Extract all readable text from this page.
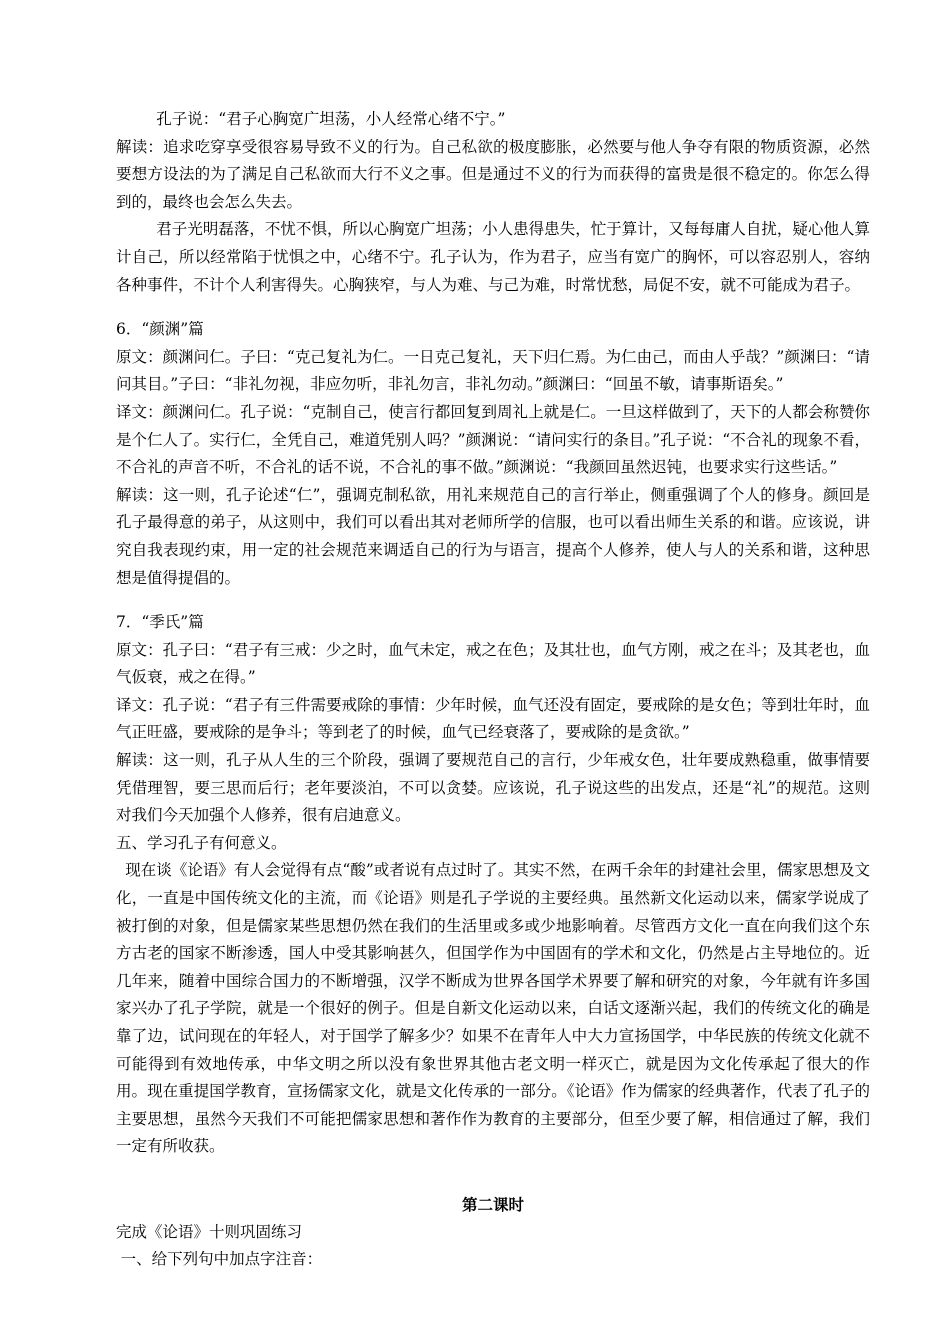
孔子说：“君子心胸宽广坦荡，小人经常心绪不宁。”

解读：追求吃穿享受很容易导致不义的行为。自己私欲的极度膨胀，必然要与他人争夺有限的物质资源，必然要想方设法的为了满足自己私欲而大行不义之事。但是通过不义的行为而获得的富贵是很不稳定的。你怎么得到的，最终也会怎么失去。

君子光明磊落，不忧不惧，所以心胸宽广坦荡；小人患得患失，忙于算计，又每每庸人自扰，疑心他人算计自己，所以经常陷于忧惧之中，心绪不宁。孔子认为，作为君子，应当有宽广的胸怀，可以容忍别人，容纳各种事件，不计个人利害得失。心胸狭窄，与人为难、与己为难，时常忧愁，局促不安，就不可能成为君子。

6．“颜渊”篇

原文：颜渊问仁。子曰：“克己复礼为仁。一日克己复礼，天下归仁焉。为仁由己，而由人乎哉？”颜渊曰：“请问其目。”子曰：“非礼勿视，非应勿听，非礼勿言，非礼勿动。”颜渊曰：“回虽不敏，请事斯语矣。”

译文：颜渊问仁。孔子说：“克制自己，使言行都回复到周礼上就是仁。一旦这样做到了，天下的人都会称赞你是个仁人了。实行仁，全凭自己，难道凭别人吗？”颜渊说：“请问实行的条目。”孔子说：“不合礼的现象不看，不合礼的声音不听，不合礼的话不说，不合礼的事不做。”颜渊说：“我颜回虽然迟钝，也要求实行这些话。”

解读：这一则，孔子论述“仁”，强调克制私欲，用礼来规范自己的言行举止，侧重强调了个人的修身。颜回是孔子最得意的弟子，从这则中，我们可以看出其对老师所学的信服，也可以看出师生关系的和谐。应该说，讲究自我表现约束，用一定的社会规范来调适自己的行为与语言，提高个人修养，使人与人的关系和谐，这种思想是值得提倡的。

7．“季氏”篇

原文：孔子曰：“君子有三戒：少之时，血气未定，戒之在色；及其壮也，血气方刚，戒之在斗；及其老也，血气仮衰，戒之在得。”

译文：孔子说：“君子有三件需要戒除的事情：少年时候，血气还没有固定，要戒除的是女色；等到壮年时，血气正旺盛，要戒除的是争斗；等到老了的时候，血气已经衰落了，要戒除的是贪欲。”

解读：这一则，孔子从人生的三个阶段，强调了要规范自己的言行，少年戒女色，壮年要成熟稳重，做事情要凭借理智，要三思而后行；老年要淡泊，不可以贪婪。应该说，孔子说这些的出发点，还是“礼”的规范。这则对我们今天加强个人修养，很有启迪意义。

五、学习孔子有何意义。

现在谈《论语》有人会觉得有点“酸”或者说有点过时了。其实不然，在两千余年的封建社会里，儒家思想及文化，一直是中国传统文化的主流，而《论语》则是孔子学说的主要经典。虽然新文化运动以来，儒家学说成了被打倒的对象，但是儒家某些思想仍然在我们的生活里或多或少地影响着。尽管西方文化一直在向我们这个东方古老的国家不断渗透，国人中受其影响甚久，但国学作为中国固有的学术和文化，仍然是占主导地位的。近几年来，随着中国综合国力的不断增强，汉学不断成为世界各国学术界要了解和研究的对象，今年就有许多国家兴办了孔子学院，就是一个很好的例子。但是自新文化运动以来，白话文逐渐兴起，我们的传统文化的确是靠了边，试问现在的年轻人，对于国学了解多少？如果不在青年人中大力宣扬国学，中华民族的传统文化就不可能得到有效地传承，中华文明之所以没有象世界其他古老文明一样灭亡，就是因为文化传承起了很大的作用。现在重提国学教育，宣扬儒家文化，就是文化传承的一部分。《论语》作为儒家的经典著作，代表了孔子的主要思想，虽然今天我们不可能把儒家思想和著作作为教育的主要部分，但至少要了解，相信通过了解，我们一定有所收获。

第二课时

完成《论语》十则巩固练习

一、给下列句中加点字注音：
